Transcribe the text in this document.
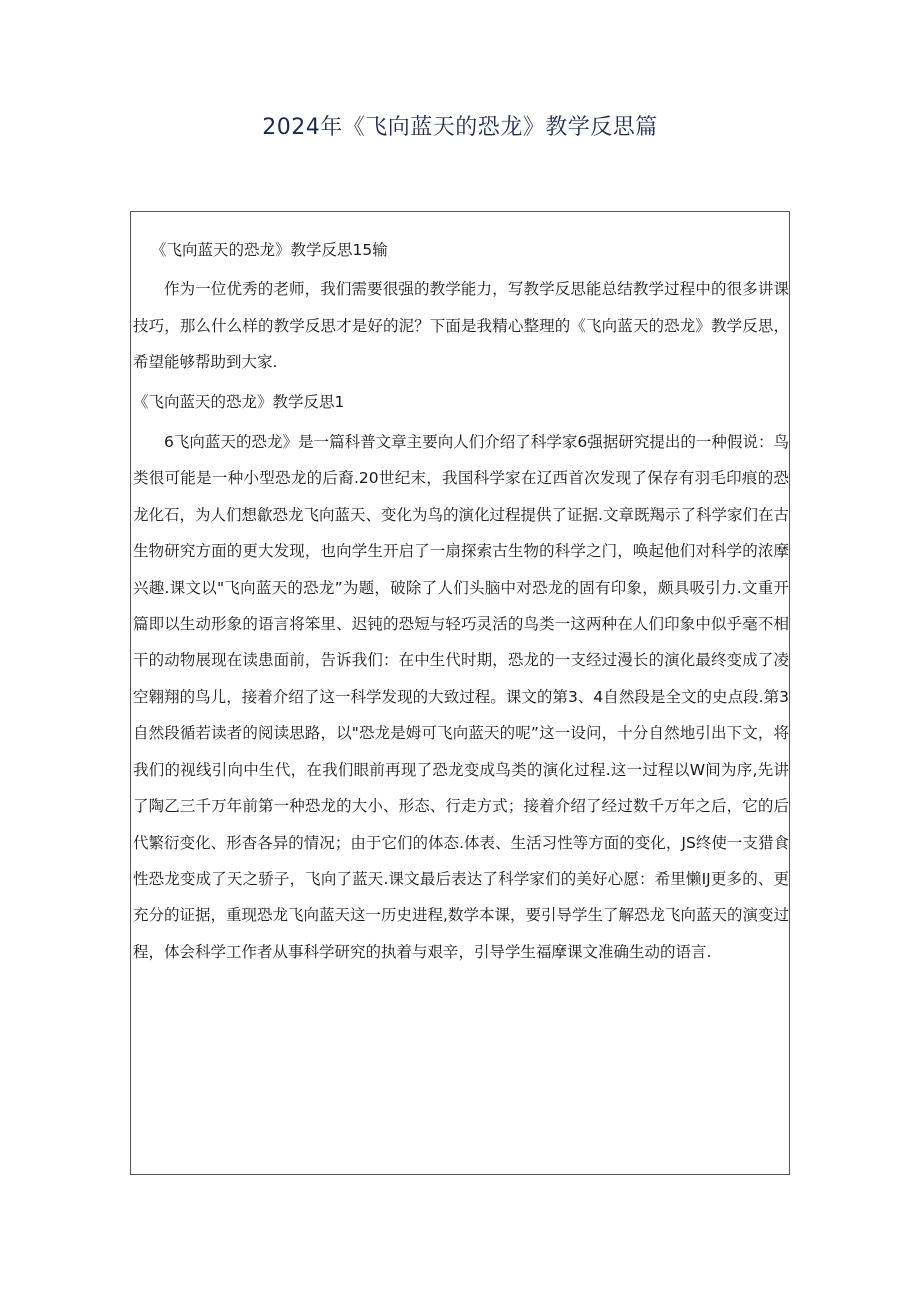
2024年《飞向蓝天的恐龙》教学反思篇

《飞向蓝天的恐龙》教学反思15输

作为一位优秀的老师，我们需要很强的教学能力，写教学反思能总结教学过程中的很多讲课技巧，那么什么样的教学反思才是好的泥？下面是我精心整理的《飞向蓝天的恐龙》教学反思，希望能够帮助到大家.

《飞向蓝天的恐龙》教学反思1

6飞向蓝天的恐龙》是一篇科普文章主要向人们介绍了科学家6强据研究提出的一种假说：鸟类很可能是一种小型恐龙的后裔.20世纪末，我国科学家在辽西首次发现了保存有羽毛印痕的恐龙化石，为人们想歙恐龙飞向蓝天、变化为鸟的演化过程提供了证据.文章既羯示了科学家们在古生物研究方面的更大发现，也向学生开启了一扇探索古生物的科学之门，唤起他们对科学的浓摩兴趣.课文以"飞向蓝天的恐龙”为题，破除了人们头脑中对恐龙的固有印象，颇具吸引力.文重开篇即以生动形象的语言将笨里、迟钝的恐短与轻巧灵活的鸟类一这两种在人们印象中似乎毫不相干的动物展现在读患面前，告诉我们：在中生代时期，恐龙的一支经过漫长的演化最终变成了凌空翱翔的鸟儿，接着介绍了这一科学发现的大致过程。课文的第3、4自然段是全文的史点段.第3自然段循若读者的阅读思路，以"恐龙是姆可飞向蓝天的呢”这一设问，十分自然地引出下文，将我们的视线引向中生代，在我们眼前再现了恐龙变成鸟类的演化过程.这一过程以W间为序,先讲了陶乙三千万年前第一种恐龙的大小、形态、行走方式；接着介绍了经过数千万年之后，它的后代繁衍变化、形杳各异的情况；由于它们的体态.体表、生活习性等方面的变化，JS终使一支猎食性恐龙变成了天之骄子，飞向了蓝天.课文最后表达了科学家们的美好心愿：希里懒IJ更多的、更充分的证据，重现恐龙飞向蓝天这一历史进程,数学本课，要引导学生了解恐龙飞向蓝天的演变过程，体会科学工作者从事科学研究的执着与艰辛，引导学生福摩课文准确生动的语言.
